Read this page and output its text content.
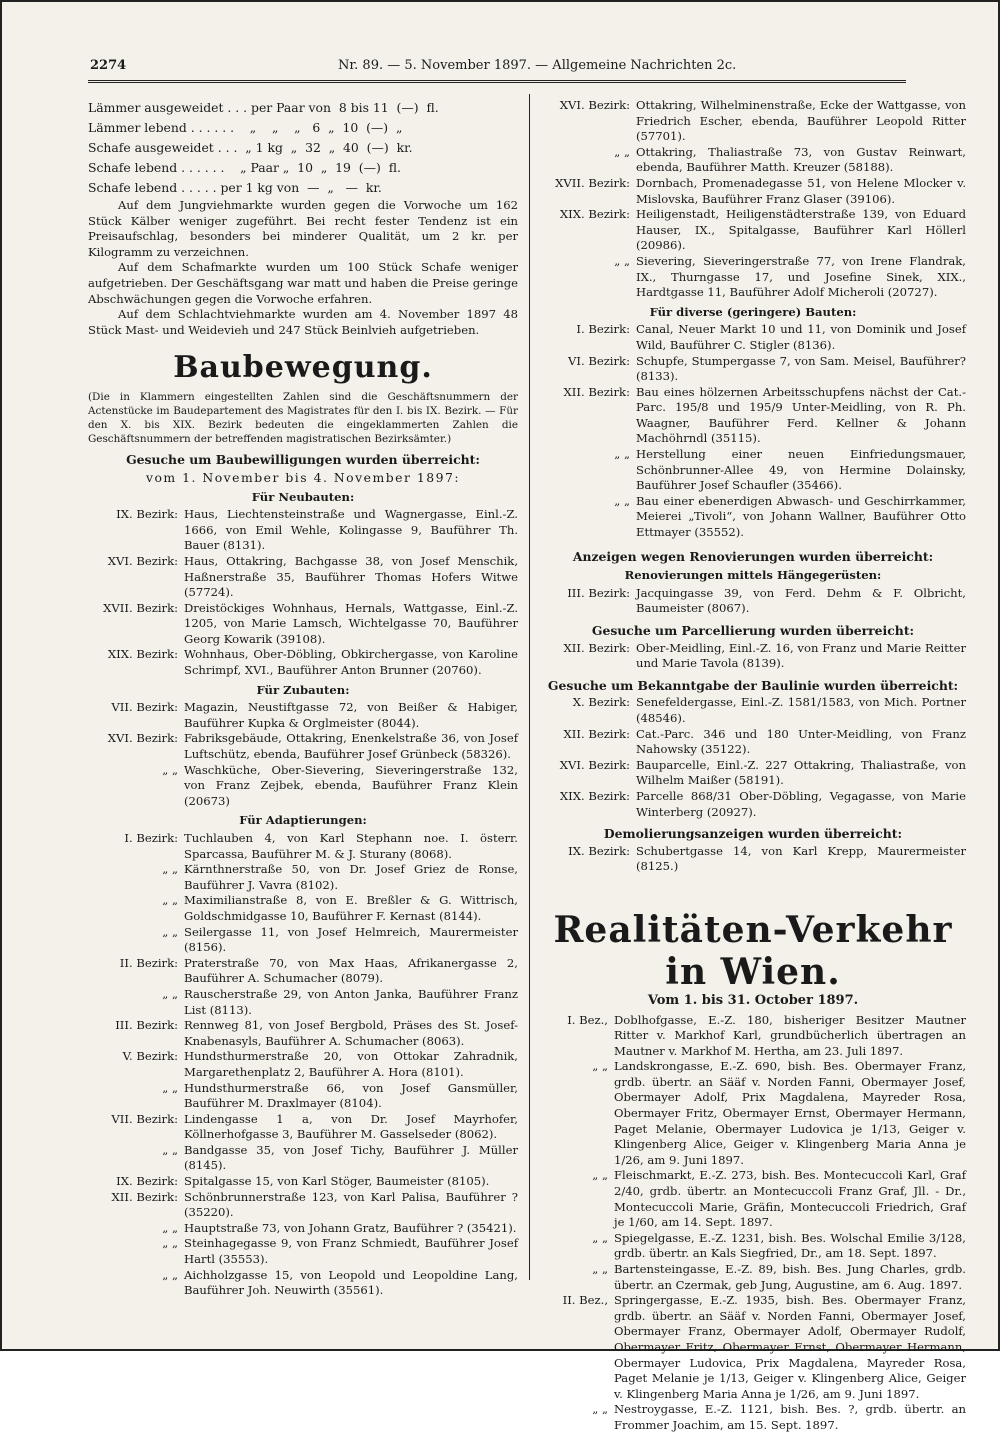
2274	Nr. 89. — 5. November 1897. — Allgemeine Nachrichten 2c.
Lämmer ausgeweidet . . . per Paar von  8 bis 11  (—)  fl.
Lämmer lebend . . . . . .    „    „    „   6  „  10  (—)  „
Schafe ausgeweidet . . .  „ 1 kg  „  32  „  40  (—)  kr.
Schafe lebend . . . . . .    „ Paar „  10  „  19  (—)  fl.
Schafe lebend . . . . . per 1 kg von  —  „   —  kr.

Auf dem Jungviehmarkte wurden gegen die Vorwoche um 162 Stück Kälber weniger zugeführt. Bei recht fester Tendenz ist ein Preisaufschlag, besonders bei minderer Qualität, um 2 kr. per Kilogramm zu verzeichnen.

Auf dem Schafmarkte wurden um 100 Stück Schafe weniger aufgetrieben. Der Geschäftsgang war matt und haben die Preise geringe Abschwächungen gegen die Vorwoche erfahren.

Auf dem Schlachtviehmarkte wurden am 4. November 1897 48 Stück Mast- und Weidevieh und 247 Stück Beinlvieh aufgetrieben.

Baubewegung.

(Die in Klammern eingestellten Zahlen sind die Geschäftsnummern der Actenstücke im Baudepartement des Magistrates für den I. bis IX. Bezirk. — Für den X. bis XIX. Bezirk bedeuten die eingeklammerten Zahlen die Geschäftsnummern der betreffenden magistratischen Bezirksämter.)

Gesuche um Baubewilligungen wurden überreicht:
vom 1. November bis 4. November 1897:
Für Neubauten:
IX. Bezirk: Haus, Liechtensteinstraße und Wagnergasse, Einl.-Z. 1666, von Emil Wehle, Kolingasse 9, Bauführer Th. Bauer (8131).
XVI. Bezirk: Haus, Ottakring, Bachgasse 38, von Josef Menschik, Haßnerstraße 35, Bauführer Thomas Hofers Witwe (57724).
XVII. Bezirk: Dreistöckiges Wohnhaus, Hernals, Wattgasse, Einl.-Z. 1205, von Marie Lamsch, Wichtelgasse 70, Bauführer Georg Kowarik (39108).
XIX. Bezirk: Wohnhaus, Ober-Döbling, Obkirchergasse, von Karoline Schrimpf, XVI., Bauführer Anton Brunner (20760).
Für Zubauten:
VII. Bezirk: Magazin, Neustiftgasse 72, von Beißer & Habiger, Bauführer Kupka & Orglmeister (8044).
XVI. Bezirk: Fabriksgebäude, Ottakring, Enenkelstraße 36, von Josef Luftschütz, ebenda, Bauführer Josef Grünbeck (58326).
„ „ Waschküche, Ober-Sievering, Sieveringerstraße 132, von Franz Zejbek, ebenda, Bauführer Franz Klein (20673)
Für Adaptierungen:
I. Bezirk: Tuchlauben 4, von Karl Stephann noe. I. österr. Sparcassa, Bauführer M. & J. Sturany (8068).
„ „ Kärnthnerstraße 50, von Dr. Josef Griez de Ronse, Bauführer J. Vavra (8102).
„ „ Maximilianstraße 8, von E. Breßler & G. Wittrisch, Goldschmidgasse 10, Bauführer F. Kernast (8144).
„ „ Seilergasse 11, von Josef Helmreich, Maurermeister (8156).
II. Bezirk: Praterstraße 70, von Max Haas, Afrikanergasse 2, Bauführer A. Schumacher (8079).
„ „ Rauscherstraße 29, von Anton Janka, Bauführer Franz List (8113).
III. Bezirk: Rennweg 81, von Josef Bergbold, Präses des St. Josef-Knabenasyls, Bauführer A. Schumacher (8063).
V. Bezirk: Hundsthurmerstraße 20, von Ottokar Zahradnik, Margarethenplatz 2, Bauführer A. Hora (8101).
„ „ Hundsthurmerstraße 66, von Josef Gansmüller, Bauführer M. Draxlmayer (8104).
VII. Bezirk: Lindengasse 1 a, von Dr. Josef Mayrhofer, Köllnerhofgasse 3, Bauführer M. Gasselseder (8062).
„ „ Bandgasse 35, von Josef Tichy, Bauführer J. Müller (8145).
IX. Bezirk: Spitalgasse 15, von Karl Stöger, Baumeister (8105).
XII. Bezirk: Schönbrunnerstraße 123, von Karl Palisa, Bauführer ? (35220).
„ „ Hauptstraße 73, von Johann Gratz, Bauführer ? (35421).
„ „ Steinhagegasse 9, von Franz Schmiedt, Bauführer Josef Hartl (35553).
„ „ Aichholzgasse 15, von Leopold und Leopoldine Lang, Bauführer Joh. Neuwirth (35561).
XVI. Bezirk: Ottakring, Wilhelminenstraße, Ecke der Wattgasse, von Friedrich Escher, ebenda, Bauführer Leopold Ritter (57701).
„ „ Ottakring, Thaliastraße 73, von Gustav Reinwart, ebenda, Bauführer Matth. Kreuzer (58188).
XVII. Bezirk: Dornbach, Promenadegasse 51, von Helene Mlocker v. Mislovska, Bauführer Franz Glaser (39106).
XIX. Bezirk: Heiligenstadt, Heiligenstädterstraße 139, von Eduard Hauser, IX., Spitalgasse, Bauführer Karl Höllerl (20986).
„ „ Sievering, Sieveringerstraße 77, von Irene Flandrak, IX., Thurngasse 17, und Josefine Sinek, XIX., Hardtgasse 11, Bauführer Adolf Micheroli (20727).
Für diverse (geringere) Bauten:
I. Bezirk: Canal, Neuer Markt 10 und 11, von Dominik und Josef Wild, Bauführer C. Stigler (8136).
VI. Bezirk: Schupfe, Stumpergasse 7, von Sam. Meisel, Bauführer? (8133).
XII. Bezirk: Bau eines hölzernen Arbeitsschupfens nächst der Cat.-Parc. 195/8 und 195/9 Unter-Meidling, von R. Ph. Waagner, Bauführer Ferd. Kellner & Johann Machöhrndl (35115).
„ „ Herstellung einer neuen Einfriedungsmauer, Schönbrunner-Allee 49, von Hermine Dolainsky, Bauführer Josef Schaufler (35466).
„ „ Bau einer ebenerdigen Abwasch- und Geschirrkammer, Meierei „Tivoli“, von Johann Wallner, Bauführer Otto Ettmayer (35552).
Anzeigen wegen Renovierungen wurden überreicht:
Renovierungen mittels Hängegerüsten:
III. Bezirk: Jacquingasse 39, von Ferd. Dehm & F. Olbricht, Baumeister (8067).
Gesuche um Parcellierung wurden überreicht:
XII. Bezirk: Ober-Meidling, Einl.-Z. 16, von Franz und Marie Reitter und Marie Tavola (8139).
Gesuche um Bekanntgabe der Baulinie wurden überreicht:
X. Bezirk: Senefeldergasse, Einl.-Z. 1581/1583, von Mich. Portner (48546).
XII. Bezirk: Cat.-Parc. 346 und 180 Unter-Meidling, von Franz Nahowsky (35122).
XVI. Bezirk: Bauparcelle, Einl.-Z. 227 Ottakring, Thaliastraße, von Wilhelm Maißer (58191).
XIX. Bezirk: Parcelle 868/31 Ober-Döbling, Vegagasse, von Marie Winterberg (20927).
Demolierungsanzeigen wurden überreicht:
IX. Bezirk: Schubertgasse 14, von Karl Krepp, Maurermeister (8125.)
Realitäten-Verkehr in Wien.
Vom 1. bis 31. October 1897.
I. Bez., Doblhofgasse, E.-Z. 180, bisheriger Besitzer Mautner Ritter v. Markhof Karl, grundbücherlich übertragen an Mautner v. Markhof M. Hertha, am 23. Juli 1897.
„ „ Landskrongasse, E.-Z. 690, bish. Bes. Obermayer Franz, grdb. übertr. an Sääf v. Norden Fanni, Obermayer Josef, Obermayer Adolf, Prix Magdalena, Mayreder Rosa, Obermayer Fritz, Obermayer Ernst, Obermayer Hermann, Paget Melanie, Obermayer Ludovica je 1/13, Geiger v. Klingenberg Alice, Geiger v. Klingenberg Maria Anna je 1/26, am 9. Juni 1897.
„ „ Fleischmarkt, E.-Z. 273, bish. Bes. Montecuccoli Karl, Graf 2/40, grdb. übertr. an Montecuccoli Franz Graf, Jll. - Dr., Montecuccoli Marie, Gräfin, Montecuccoli Friedrich, Graf je 1/60, am 14. Sept. 1897.
„ „ Spiegelgasse, E.-Z. 1231, bish. Bes. Wolschal Emilie 3/128, grdb. übertr. an Kals Siegfried, Dr., am 18. Sept. 1897.
„ „ Bartensteingasse, E.-Z. 89, bish. Bes. Jung Charles, grdb. übertr. an Czermak, geb Jung, Augustine, am 6. Aug. 1897.
II. Bez., Springergasse, E.-Z. 1935, bish. Bes. Obermayer Franz, grdb. übertr. an Sääf v. Norden Fanni, Obermayer Josef, Obermayer Franz, Obermayer Adolf, Obermayer Rudolf, Obermayer Fritz, Obermayer Ernst, Obermayer Hermann, Obermayer Ludovica, Prix Magdalena, Mayreder Rosa, Paget Melanie je 1/13, Geiger v. Klingenberg Alice, Geiger v. Klingenberg Maria Anna je 1/26, am 9. Juni 1897.
„ „ Nestroygasse, E.-Z. 1121, bish. Bes. ?, grdb. übertr. an Frommer Joachim, am 15. Sept. 1897.
